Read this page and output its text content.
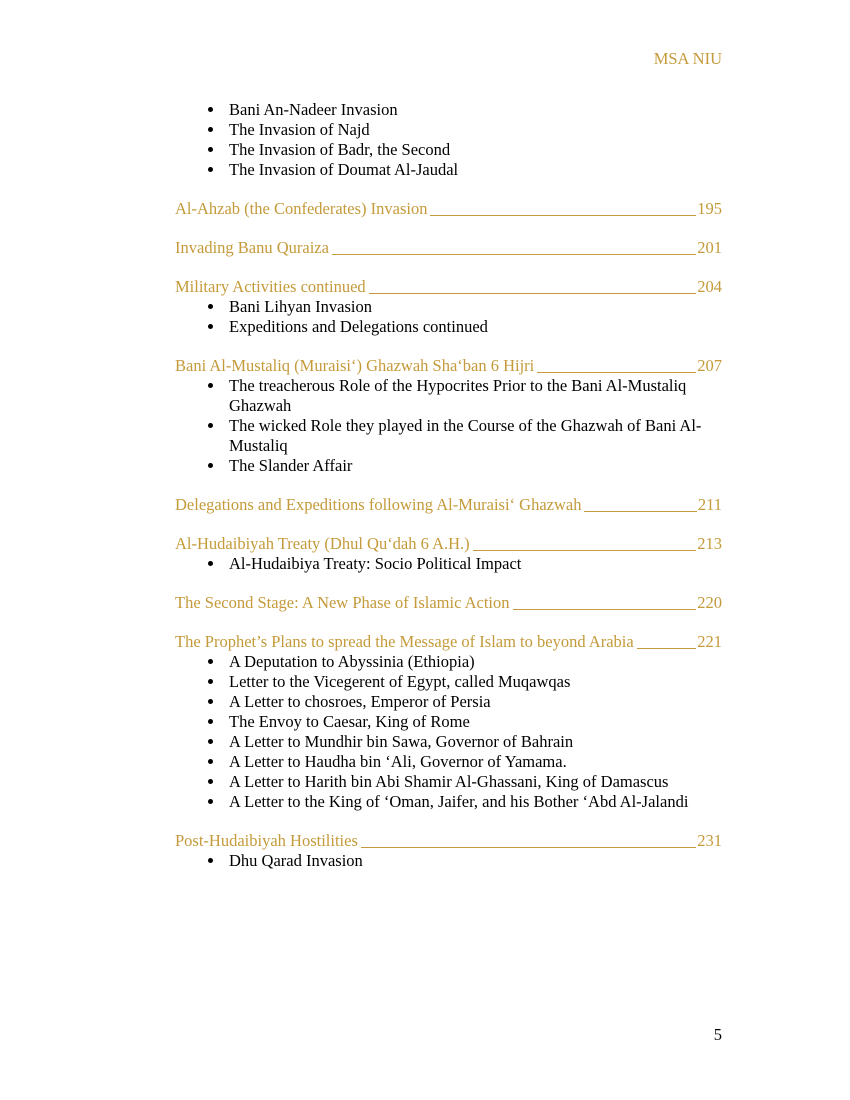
MSA NIU
• Bani An-Nadeer Invasion
• The Invasion of Najd
• The Invasion of Badr, the Second
• The Invasion of Doumat Al-Jaudal
Al-Ahzab (the Confederates) Invasion	195
Invading Banu Quraiza	201
Military Activities continued	204
• Bani Lihyan Invasion
• Expeditions and Delegations continued
Bani Al-Mustaliq (Muraisi‘) Ghazwah Sha‘ban 6 Hijri	207
• The treacherous Role of the Hypocrites Prior to the Bani Al-Mustaliq Ghazwah
• The wicked Role they played in the Course of the Ghazwah of Bani Al-Mustaliq
• The Slander Affair
Delegations and Expeditions following Al-Muraisi‘ Ghazwah	211
Al-Hudaibiyah Treaty (Dhul Qu‘dah 6 A.H.)	213
• Al-Hudaibiya Treaty: Socio Political Impact
The Second Stage: A New Phase of Islamic Action	220
The Prophet’s Plans to spread the Message of Islam to beyond Arabia	221
• A Deputation to Abyssinia (Ethiopia)
• Letter to the Vicegerent of Egypt, called Muqawqas
• A Letter to chosroes, Emperor of Persia
• The Envoy to Caesar, King of Rome
• A Letter to Mundhir bin Sawa, Governor of Bahrain
• A Letter to Haudha bin ‘Ali, Governor of Yamama.
• A Letter to Harith bin Abi Shamir Al-Ghassani, King of Damascus
• A Letter to the King of ‘Oman, Jaifer, and his Bother ‘Abd Al-Jalandi
Post-Hudaibiyah Hostilities	231
• Dhu Qarad Invasion
5
